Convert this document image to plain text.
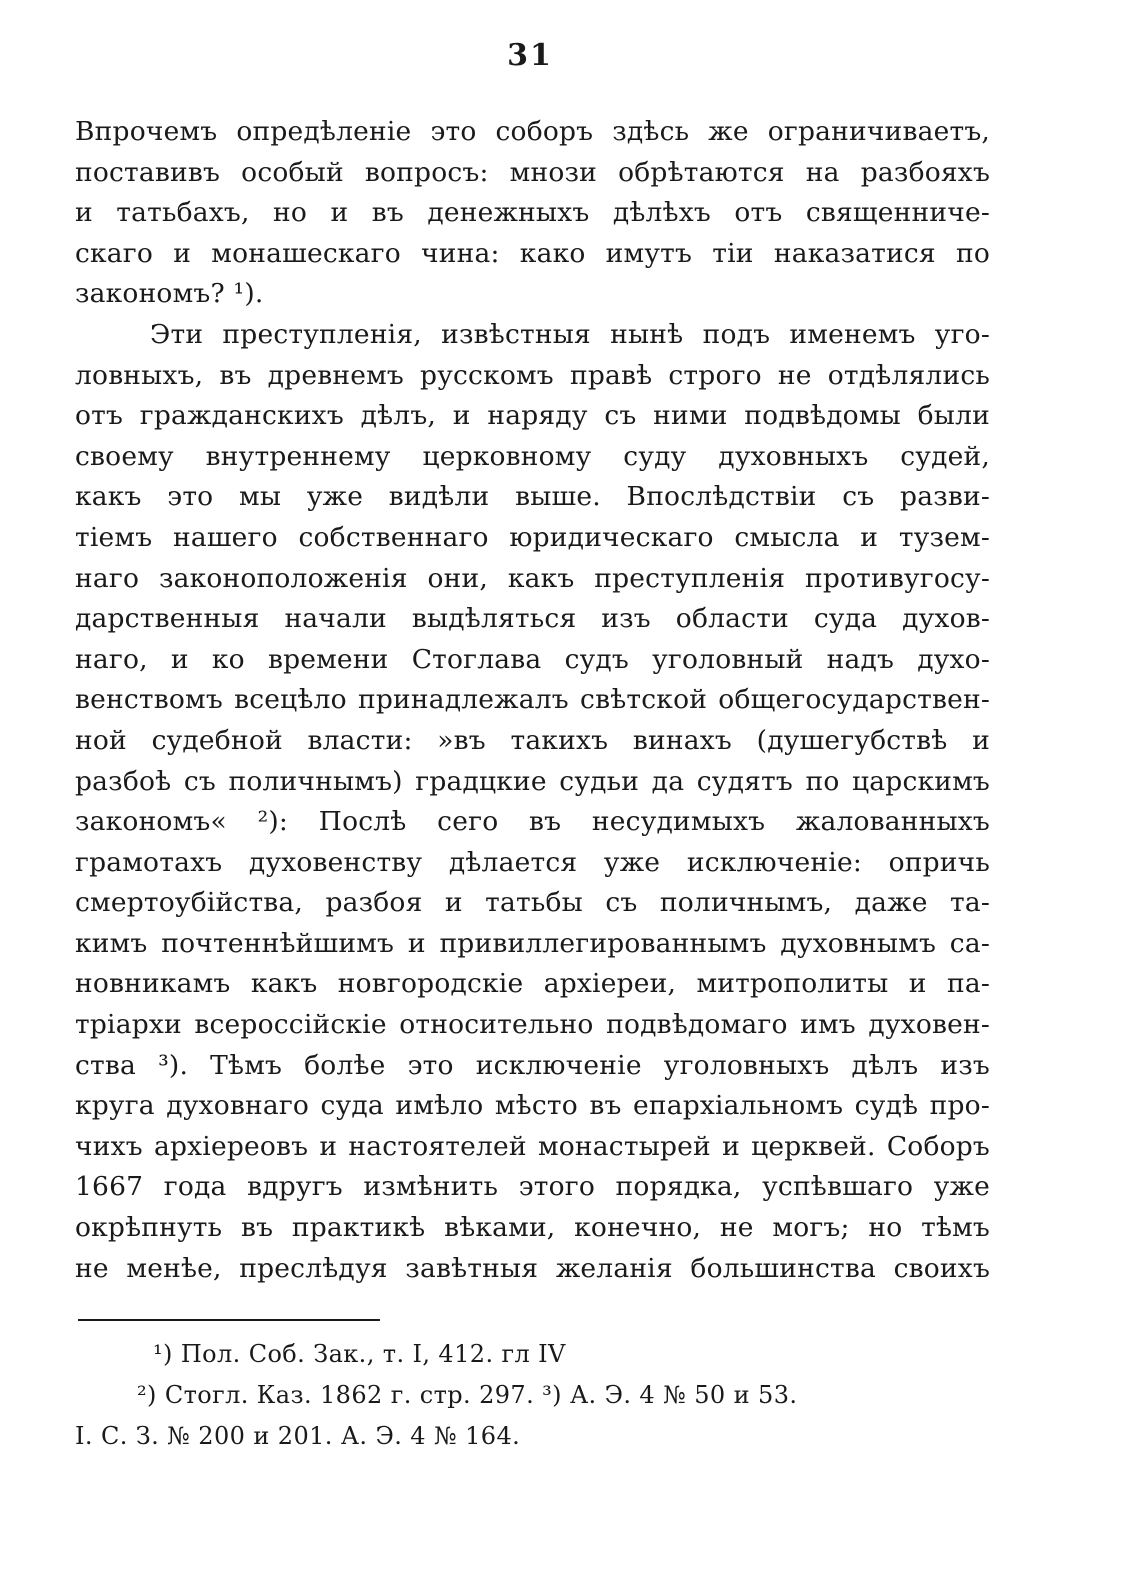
31
Впрочемъ опредѣленіе это соборъ здѣсь же ограничиваетъ,
поставивъ особый вопросъ: мнози обрѣтаются на разбояхъ
и татьбахъ, но и въ денежныхъ дѣлѣхъ отъ священниче-
скаго и монашескаго чина: како имутъ тіи наказатися по
закономъ? ¹).
Эти преступленія, извѣстныя нынѣ подъ именемъ уго-
ловныхъ, въ древнемъ русскомъ правѣ строго не отдѣлялись
отъ гражданскихъ дѣлъ, и наряду съ ними подвѣдомы были
своему внутреннему церковному суду духовныхъ судей,
какъ это мы уже видѣли выше. Впослѣдствіи съ разви-
тіемъ нашего собственнаго юридическаго смысла и тузем-
наго законоположенія они, какъ преступленія противугосу-
дарственныя начали выдѣляться изъ области суда духов-
наго, и ко времени Стоглава судъ уголовный надъ духо-
венствомъ всецѣло принадлежалъ свѣтской общегосударствен-
ной судебной власти: »въ такихъ винахъ (душегубствѣ и
разбоѣ съ поличнымъ) градцкие судьи да судятъ по царскимъ
закономъ« ²): Послѣ сего въ несудимыхъ жалованныхъ
грамотахъ духовенству дѣлается уже исключеніе: опричь
смертоубійства, разбоя и татьбы съ поличнымъ, даже та-
кимъ почтеннѣйшимъ и привиллегированнымъ духовнымъ са-
новникамъ какъ новгородскіе архіереи, митрополиты и па-
тріархи всероссійскіе относительно подвѣдомаго имъ духовен-
ства ³). Тѣмъ болѣе это исключеніе уголовныхъ дѣлъ изъ
круга духовнаго суда имѣло мѣсто въ епархіальномъ судѣ про-
чихъ архіереовъ и настоятелей монастырей и церквей. Соборъ
1667 года вдругъ измѣнить этого порядка, успѣвшаго уже
окрѣпнуть въ практикѣ вѣками, конечно, не могъ; но тѣмъ
не менѣе, преслѣдуя завѣтныя желанія большинства своихъ
¹) Пол. Соб. Зак., т. I, 412. гл IV
²) Стогл. Каз. 1862 г. стр. 297. ³) А. Э. 4 № 50 и 53.
I. С. З. № 200 и 201. А. Э. 4 № 164.
